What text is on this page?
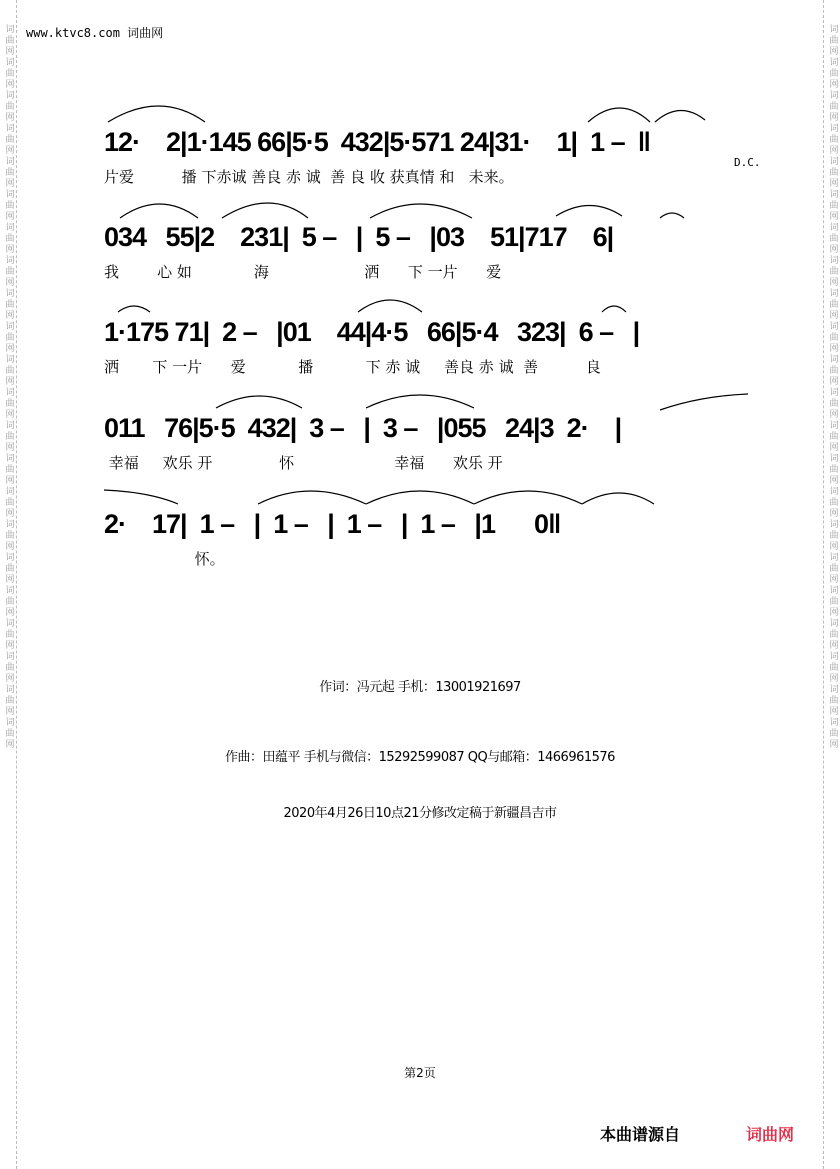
词曲网词曲网词曲网词曲网词曲网词曲网词曲网词曲网词曲网词曲网词曲网词曲网词曲网词曲网词曲网词曲网词曲网词曲网词曲网词曲网词曲网词曲网	词曲网词曲网词曲网词曲网词曲网词曲网词曲网词曲网词曲网词曲网词曲网词曲网词曲网词曲网词曲网词曲网词曲网词曲网词曲网词曲网词曲网词曲网
www.ktvc8.com 词曲网
12·    2|1·145 66|5·5  432|5·571 24|31·    1|  1 –  ‖
片爱          播 下赤诚 善良 赤 诚  善 良 收 获真情 和   未来。
D.C.
034   55|2    231|  5 –   |  5 –   |03    51|717    6|
我        心 如             海                    洒      下 一片      爱
1·175 71|  2 –   |01    44|4·5   66|5·4   323|  6 –   |
洒       下 一片      爱           播           下 赤 诚     善良 赤 诚  善          良
011   76|5·5  432|  3 –   |  3 –   |055   24|3  2·    |
幸福     欢乐 开              怀                     幸福      欢乐 开
2·    17|  1 –   |  1 –   |  1 –   |  1 –   |1      0‖
怀。
作词：冯元起 手机：13001921697
作曲：田蕴平 手机与微信：15292599087 QQ与邮箱：1466961576
2020年4月26日10点21分修改定稿于新疆昌吉市
第2页
本曲谱源自	词曲网
